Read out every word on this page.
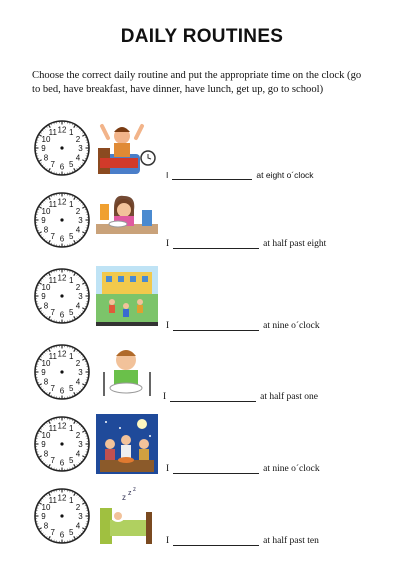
DAILY ROUTINES
Choose the correct daily routine and put the appropriate time on the clock (go to bed, have breakfast, have dinner, have lunch, get up, go to school)
12 1
2
3
4
5
6
7
8
9
10
11
I	at eight o´clock
12 1
2
3
4
5
6
7
8
9
10
11
I	at half past eight
12 1
2
3
4
5
6
7
8
9
10
11
I	at nine o´clock
12 1
2
3
4
5
6
7
8
9
10
11
I	at half past one
12 1
2
3
4
5
6
7
8
9
10
11
I	at nine o´clock
12 1
2
3
4
5
6
7
8
9
10
11	z z z
I	at half past ten
